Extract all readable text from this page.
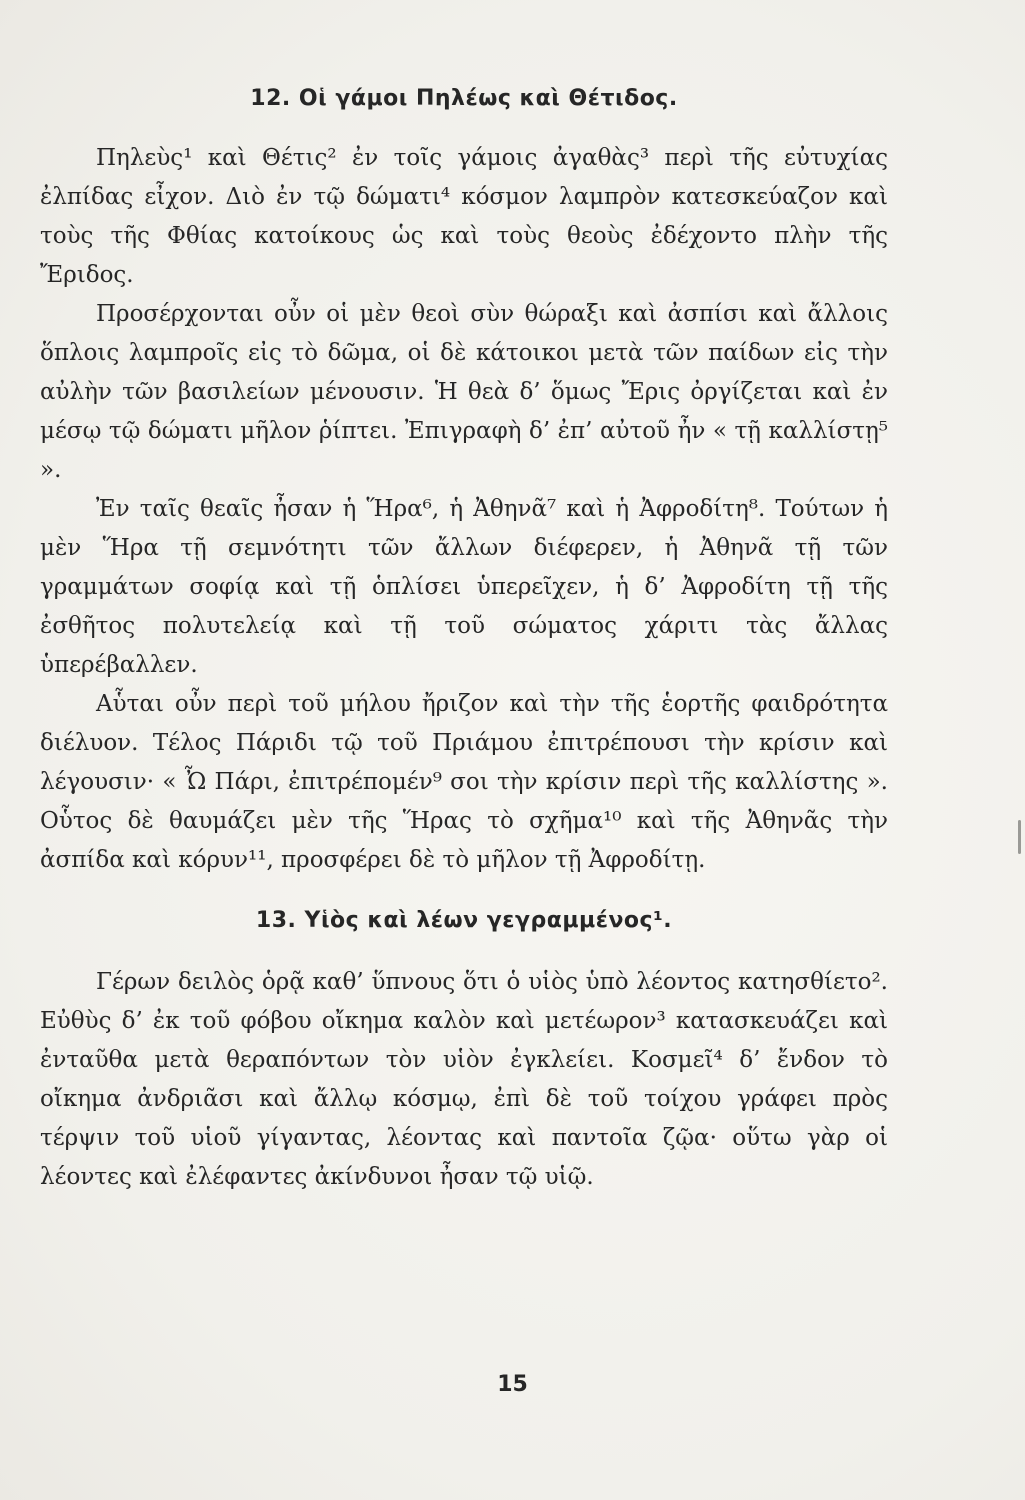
12. Οἱ γάμοι Πηλέως καὶ Θέτιδος.

Πηλεὺς¹ καὶ Θέτις² ἐν τοῖς γάμοις ἀγαθὰς³ περὶ τῆς εὐτυχίας ἐλπίδας εἶχον. Διὸ ἐν τῷ δώματι⁴ κόσμον λαμπρὸν κατεσκεύαζον καὶ τοὺς τῆς Φθίας κατοίκους ὡς καὶ τοὺς θεοὺς ἐδέχοντο πλὴν τῆς Ἔριδος.

Προσέρχονται οὖν οἱ μὲν θεοὶ σὺν θώραξι καὶ ἀσπίσι καὶ ἄλλοις ὅπλοις λαμπροῖς εἰς τὸ δῶμα, οἱ δὲ κάτοικοι μετὰ τῶν παίδων εἰς τὴν αὐλὴν τῶν βασιλείων μένουσιν. Ἡ θεὰ δ’ ὅμως Ἔρις ὀργίζεται καὶ ἐν μέσῳ τῷ δώματι μῆλον ῥίπτει. Ἐπιγραφὴ δ’ ἐπ’ αὐτοῦ ἦν « τῇ καλλίστῃ⁵ ».

Ἐν ταῖς θεαῖς ἦσαν ἡ Ἥρα⁶, ἡ Ἀθηνᾶ⁷ καὶ ἡ Ἀφροδίτη⁸. Τούτων ἡ μὲν Ἥρα τῇ σεμνότητι τῶν ἄλλων διέφερεν, ἡ Ἀθηνᾶ τῇ τῶν γραμμάτων σοφίᾳ καὶ τῇ ὁπλίσει ὑπερεῖχεν, ἡ δ’ Ἀφροδίτη τῇ τῆς ἐσθῆτος πολυτελείᾳ καὶ τῇ τοῦ σώματος χάριτι τὰς ἄλλας ὑπερέβαλλεν.

Αὗται οὖν περὶ τοῦ μήλου ἤριζον καὶ τὴν τῆς ἑορτῆς φαιδρότητα διέλυον. Τέλος Πάριδι τῷ τοῦ Πριάμου ἐπιτρέπουσι τὴν κρίσιν καὶ λέγουσιν· « Ὦ Πάρι, ἐπιτρέπομέν⁹ σοι τὴν κρίσιν περὶ τῆς καλλίστης ». Οὗτος δὲ θαυμάζει μὲν τῆς Ἥρας τὸ σχῆμα¹⁰ καὶ τῆς Ἀθηνᾶς τὴν ἀσπίδα καὶ κόρυν¹¹, προσφέρει δὲ τὸ μῆλον τῇ Ἀφροδίτῃ.

13. Υἱὸς καὶ λέων γεγραμμένος¹.

Γέρων δειλὸς ὁρᾷ καθ’ ὕπνους ὅτι ὁ υἱὸς ὑπὸ λέοντος κατησθίετο². Εὐθὺς δ’ ἐκ τοῦ φόβου οἴκημα καλὸν καὶ μετέωρον³ κατασκευάζει καὶ ἐνταῦθα μετὰ θεραπόντων τὸν υἱὸν ἐγκλείει. Κοσμεῖ⁴ δ’ ἔνδον τὸ οἴκημα ἀνδριᾶσι καὶ ἄλλῳ κόσμῳ, ἐπὶ δὲ τοῦ τοίχου γράφει πρὸς τέρψιν τοῦ υἱοῦ γίγαντας, λέοντας καὶ παντοῖα ζῷα· οὕτω γὰρ οἱ λέοντες καὶ ἐλέφαντες ἀκίνδυνοι ἦσαν τῷ υἱῷ.

15
